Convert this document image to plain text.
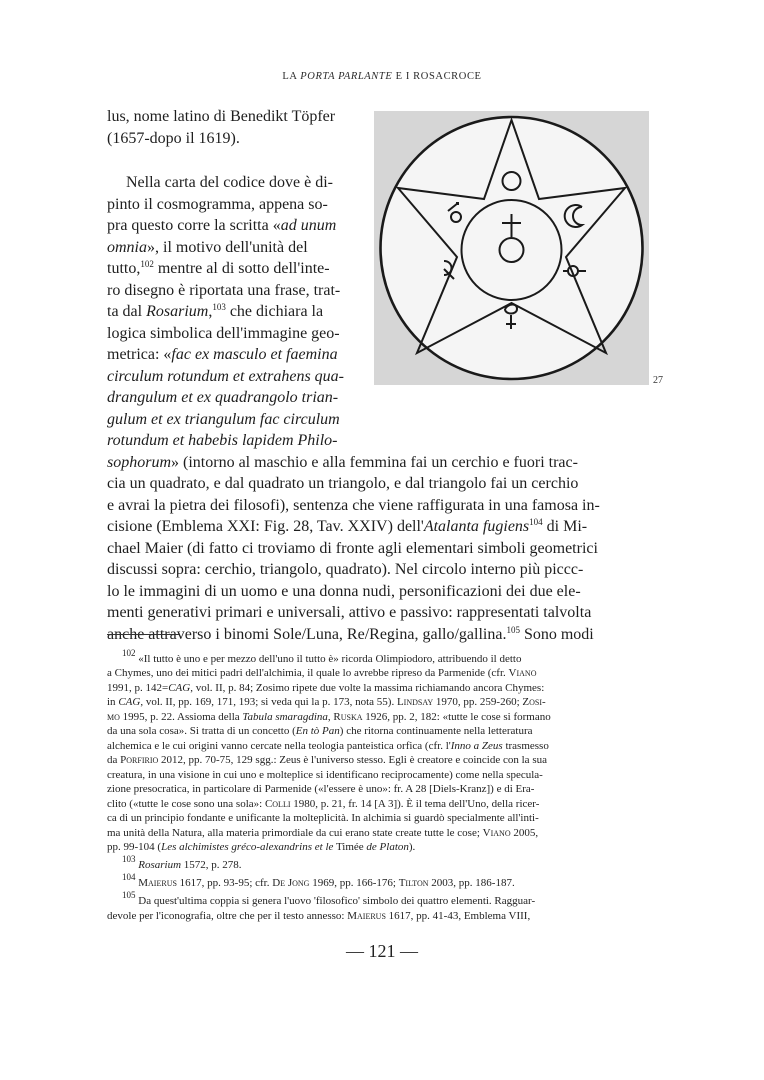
LA PORTA PARLANTE E I ROSACROCE
27
lus, nome latino di Benedikt Töpfer
(1657-dopo il 1619).
Nella carta del codice dove è di-
pinto il cosmogramma, appena so-
pra questo corre la scritta «ad unum
omnia», il motivo dell'unità del
tutto,$^{102}$ mentre al di sotto dell'inte-
ro disegno è riportata una frase, trat-
ta dal Rosarium,$^{103}$ che dichiara la
logica simbolica dell'immagine geo-
metrica: «fac ex masculo et faemina
circulum rotundum et extrahens qua-
drangulum et ex quadrangolo trian-
gulum et ex triangulum fac circulum
rotundum et habebis lapidem Philo-
sophorum» (intorno al maschio e alla femmina fai un cerchio e fuori trac-
cia un quadrato, e dal quadrato un triangolo, e dal triangolo fai un cerchio
e avrai la pietra dei filosofi), sentenza che viene raffigurata in una famosa in-
cisione (Emblema XXI: Fig. 28, Tav. XXIV) dell'Atalanta fugiens$^{104}$ di Mi-
chael Maier (di fatto ci troviamo di fronte agli elementari simboli geometrici
discussi sopra: cerchio, triangolo, quadrato). Nel circolo interno più piccc-
lo le immagini di un uomo e una donna nudi, personificazioni dei due ele-
menti generativi primari e universali, attivo e passivo: rappresentati talvolta
anche attraverso i binomi Sole/Luna, Re/Regina, gallo/gallina.$^{105}$ Sono modi
$^{102}$ «Il tutto è uno e per mezzo dell'uno il tutto è» ricorda Olimpiodoro, attribuendo il detto
a Chymes, uno dei mitici padri dell'alchimia, il quale lo avrebbe ripreso da Parmenide (cfr. Viano
1991, p. 142=CAG, vol. II, p. 84; Zosimo ripete due volte la massima richiamando ancora Chymes:
in CAG, vol. II, pp. 169, 171, 193; si veda qui la p. 173, nota 55). Lindsay 1970, pp. 259-260; Zosi-
mo 1995, p. 22. Assioma della Tabula smaragdina, Ruska 1926, pp. 2, 182: «tutte le cose si formano
da una sola cosa». Si tratta di un concetto (En tò Pan) che ritorna continuamente nella letteratura
alchemica e le cui origini vanno cercate nella teologia panteistica orfica (cfr. l'Inno a Zeus trasmesso
da Porfirio 2012, pp. 70-75, 129 sgg.: Zeus è l'universo stesso. Egli è creatore e coincide con la sua
creatura, in una visione in cui uno e molteplice si identificano reciprocamente) come nella specula-
zione presocratica, in particolare di Parmenide («l'essere è uno»: fr. A 28 [Diels-Kranz]) e di Era-
clito («tutte le cose sono una sola»: Colli 1980, p. 21, fr. 14 [A 3]). È il tema dell'Uno, della ricer-
ca di un principio fondante e unificante la molteplicità. In alchimia si guardò specialmente all'inti-
ma unità della Natura, alla materia primordiale da cui erano state create tutte le cose; Viano 2005,
pp. 99-104 (Les alchimistes gréco-alexandrins et le Timée de Platon).
$^{103}$ Rosarium 1572, p. 278.
$^{104}$ Maierus 1617, pp. 93-95; cfr. De Jong 1969, pp. 166-176; Tilton 2003, pp. 186-187.
$^{105}$ Da quest'ultima coppia si genera l'uovo 'filosofico' simbolo dei quattro elementi. Ragguar-
devole per l'iconografia, oltre che per il testo annesso: Maierus 1617, pp. 41-43, Emblema VIII,
— 121 —
